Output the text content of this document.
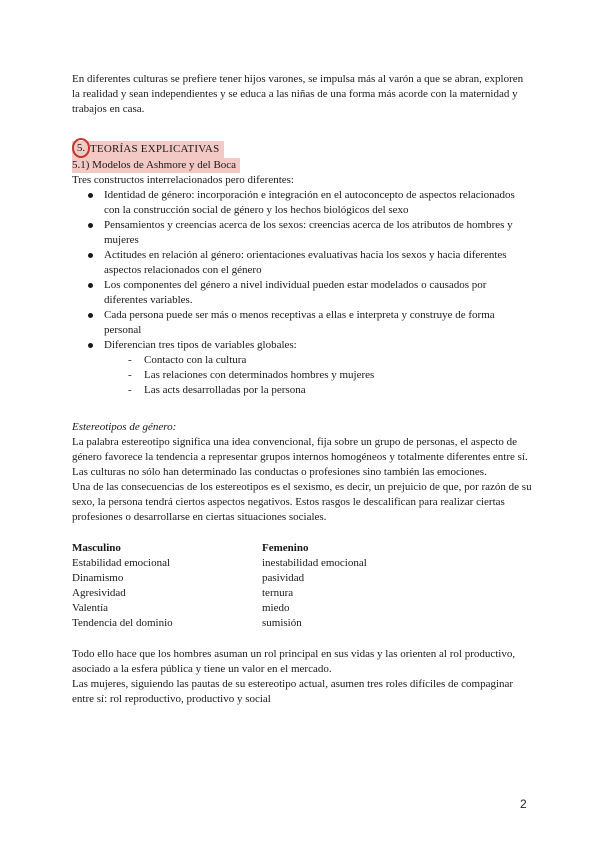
En diferentes culturas se prefiere tener hijos varones, se impulsa más al varón a que se abran, exploren la realidad y sean independientes y se educa a las niñas de una forma más acorde con la maternidad y trabajos en casa.

5. TEORÍAS EXPLICATIVAS
5.1) Modelos de Ashmore y del Boca

Tres constructos interrelacionados pero diferentes:

Identidad de género: incorporación e integración en el autoconcepto de aspectos relacionados con la construcción social de género y los hechos biológicos del sexo
Pensamientos y creencias acerca de los sexos: creencias acerca de los atributos de hombres y mujeres
Actitudes en relación al género: orientaciones evaluativas hacia los sexos y hacia diferentes aspectos relacionados con el género
Los componentes del género a nivel individual pueden estar modelados o causados por diferentes variables.
Cada persona puede ser más o menos receptivas a ellas e interpreta y construye de forma personal
Diferencian tres tipos de variables globales:
- Contacto con la cultura
- Las relaciones con determinados hombres y mujeres
- Las acts desarrolladas por la persona

Estereotipos de género:

La palabra estereotipo significa una idea convencional, fija sobre un grupo de personas, el aspecto de género favorece la tendencia a representar grupos internos homogéneos y totalmente diferentes entre sí.

Las culturas no sólo han determinado las conductas o profesiones sino también las emociones.

Una de las consecuencias de los estereotipos es el sexismo, es decir, un prejuicio de que, por razón de su sexo, la persona tendrá ciertos aspectos negativos. Estos rasgos le descalifican para realizar ciertas profesiones o desarrollarse en ciertas situaciones sociales.

Masculino	Femenino
Estabilidad emocional	inestabilidad emocional
Dinamismo	pasividad
Agresividad	ternura
Valentía	miedo
Tendencia del dominio	sumisión

Todo ello hace que los hombres asuman un rol principal en sus vidas y las orienten al rol productivo, asociado a la esfera pública y tiene un valor en el mercado.

Las mujeres, siguiendo las pautas de su estereotipo actual, asumen tres roles difíciles de compaginar entre sí: rol reproductivo, productivo y social

2
